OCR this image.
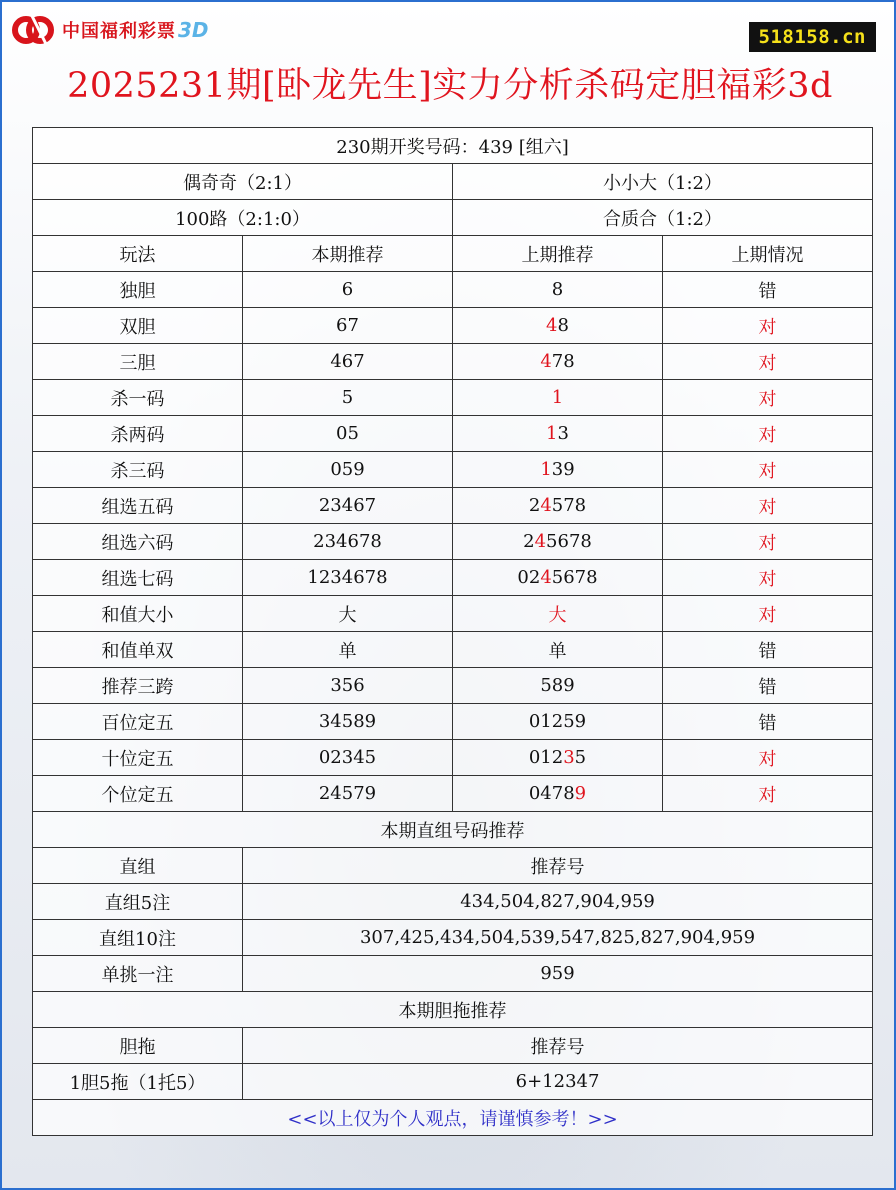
中国福利彩票 3D	518158.cn
2025231期[卧龙先生]实力分析杀码定胆福彩3d
230期开奖号码：439 [组六]			
偶奇奇（2:1）		小小大（1:2）	
100路（2:1:0）		合质合（1:2）	
玩法	本期推荐	上期推荐	上期情况
独胆	6	8	错
双胆	67	48	对
三胆	467	478	对
杀一码	5	1	对
杀两码	05	13	对
杀三码	059	139	对
组选五码	23467	24578	对
组选六码	234678	245678	对
组选七码	1234678	0245678	对
和值大小	大	大	对
和值单双	单	单	错
推荐三跨	356	589	错
百位定五	34589	01259	错
十位定五	02345	01235	对
个位定五	24579	04789	对
本期直组号码推荐			
直组	推荐号		
直组5注	434,504,827,904,959		
直组10注	307,425,434,504,539,547,825,827,904,959		
单挑一注	959		
本期胆拖推荐			
胆拖	推荐号		
1胆5拖（1托5）	6+12347		
<<以上仅为个人观点，请谨慎参考！>>			
